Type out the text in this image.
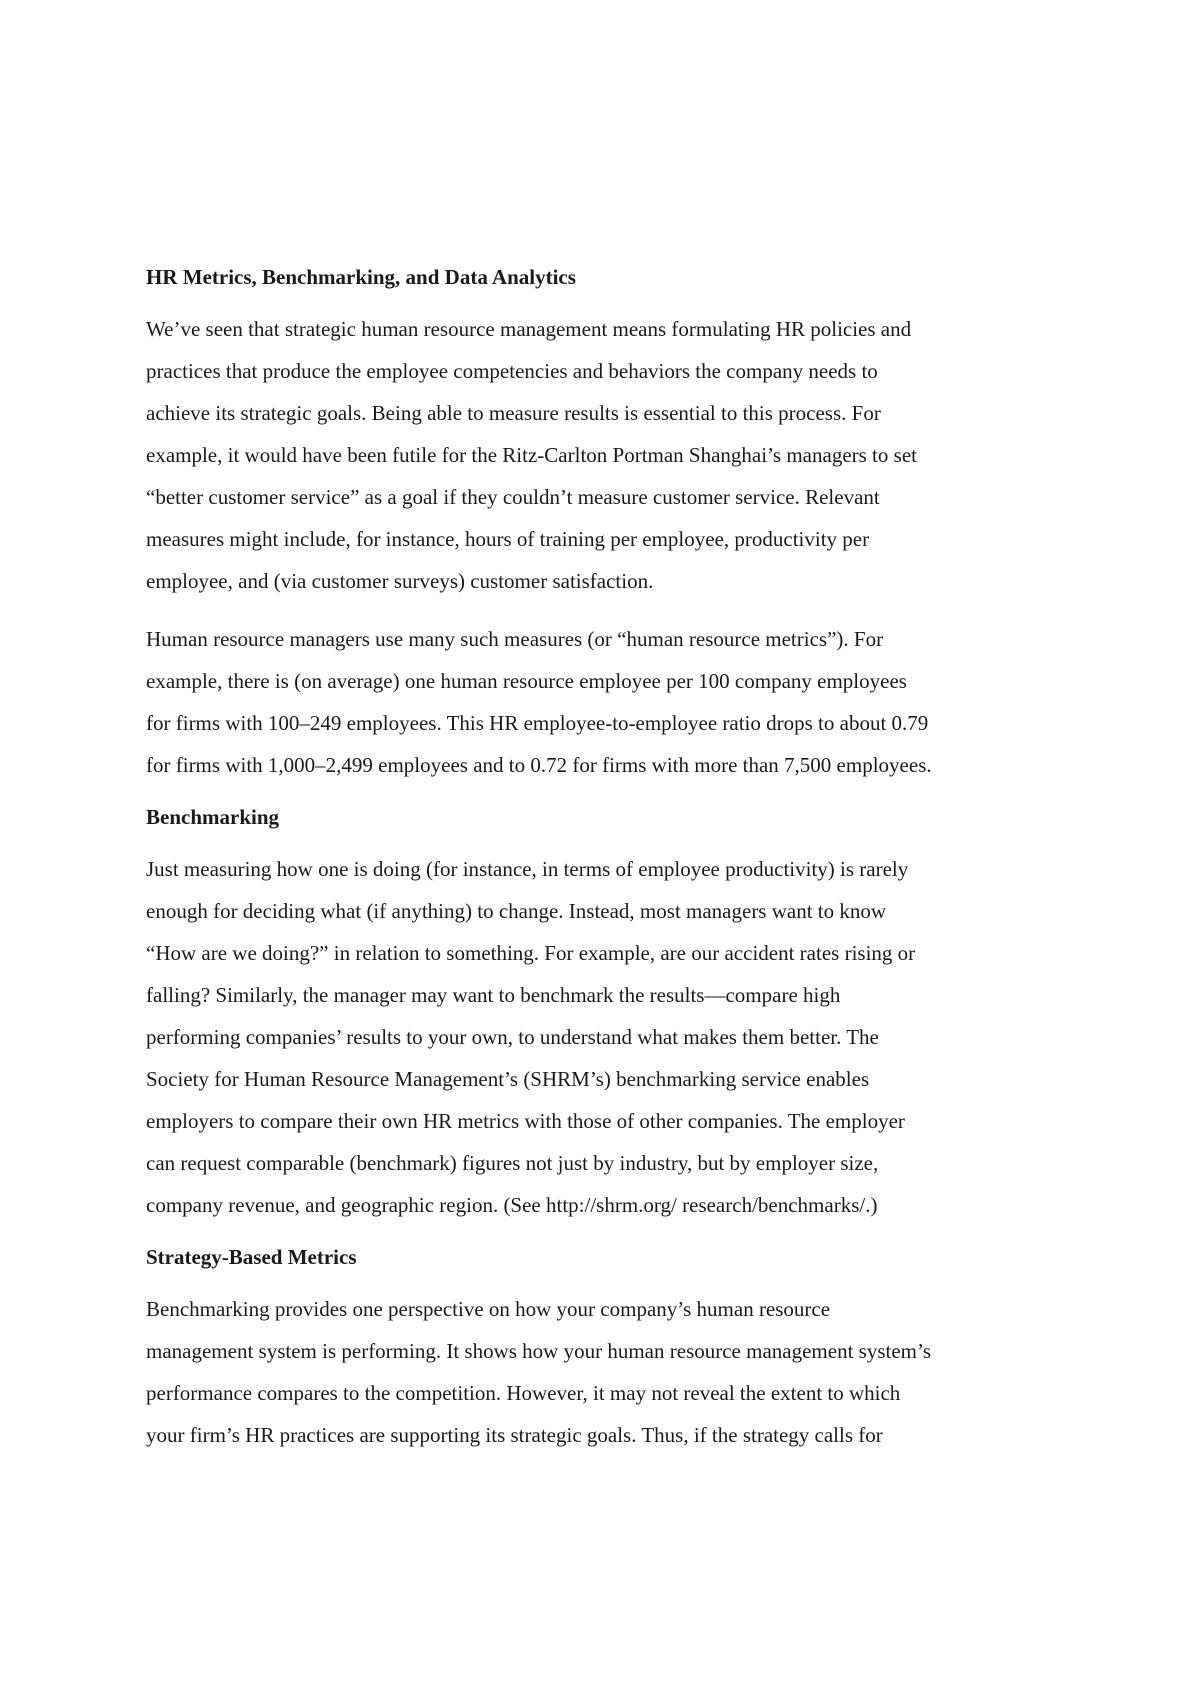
HR Metrics, Benchmarking, and Data Analytics
We’ve seen that strategic human resource management means formulating HR policies and
practices that produce the employee competencies and behaviors the company needs to
achieve its strategic goals. Being able to measure results is essential to this process. For
example, it would have been futile for the Ritz-Carlton Portman Shanghai’s managers to set
“better customer service” as a goal if they couldn’t measure customer service. Relevant
measures might include, for instance, hours of training per employee, productivity per
employee, and (via customer surveys) customer satisfaction.
Human resource managers use many such measures (or “human resource metrics”). For
example, there is (on average) one human resource employee per 100 company employees
for firms with 100–249 employees. This HR employee-to-employee ratio drops to about 0.79
for firms with 1,000–2,499 employees and to 0.72 for firms with more than 7,500 employees.
Benchmarking
Just measuring how one is doing (for instance, in terms of employee productivity) is rarely
enough for deciding what (if anything) to change. Instead, most managers want to know
“How are we doing?” in relation to something. For example, are our accident rates rising or
falling? Similarly, the manager may want to benchmark the results—compare high
performing companies’ results to your own, to understand what makes them better. The
Society for Human Resource Management’s (SHRM’s) benchmarking service enables
employers to compare their own HR metrics with those of other companies. The employer
can request comparable (benchmark) figures not just by industry, but by employer size,
company revenue, and geographic region. (See http://shrm.org/ research/benchmarks/.)
Strategy-Based Metrics
Benchmarking provides one perspective on how your company’s human resource
management system is performing. It shows how your human resource management system’s
performance compares to the competition. However, it may not reveal the extent to which
your firm’s HR practices are supporting its strategic goals. Thus, if the strategy calls for
